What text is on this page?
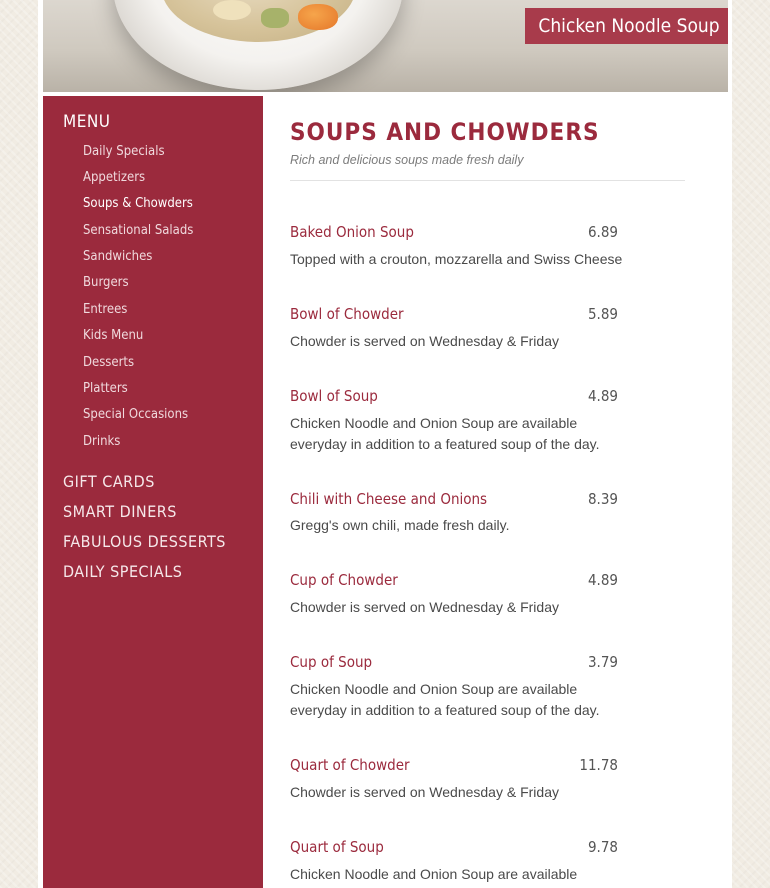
Chicken Noodle Soup
MENU
Daily Specials
Appetizers
Soups & Chowders
Sensational Salads
Sandwiches
Burgers
Entrees
Kids Menu
Desserts
Platters
Special Occasions
Drinks
GIFT CARDS
SMART DINERS
FABULOUS DESSERTS
DAILY SPECIALS
SOUPS AND CHOWDERS
Rich and delicious soups made fresh daily
Baked Onion Soup	6.89
Topped with a crouton, mozzarella and Swiss Cheese
Bowl of Chowder	5.89
Chowder is served on Wednesday & Friday
Bowl of Soup	4.89
Chicken Noodle and Onion Soup are available everyday in addition to a featured soup of the day.
Chili with Cheese and Onions	8.39
Gregg's own chili, made fresh daily.
Cup of Chowder	4.89
Chowder is served on Wednesday & Friday
Cup of Soup	3.79
Chicken Noodle and Onion Soup are available everyday in addition to a featured soup of the day.
Quart of Chowder	11.78
Chowder is served on Wednesday & Friday
Quart of Soup	9.78
Chicken Noodle and Onion Soup are available
